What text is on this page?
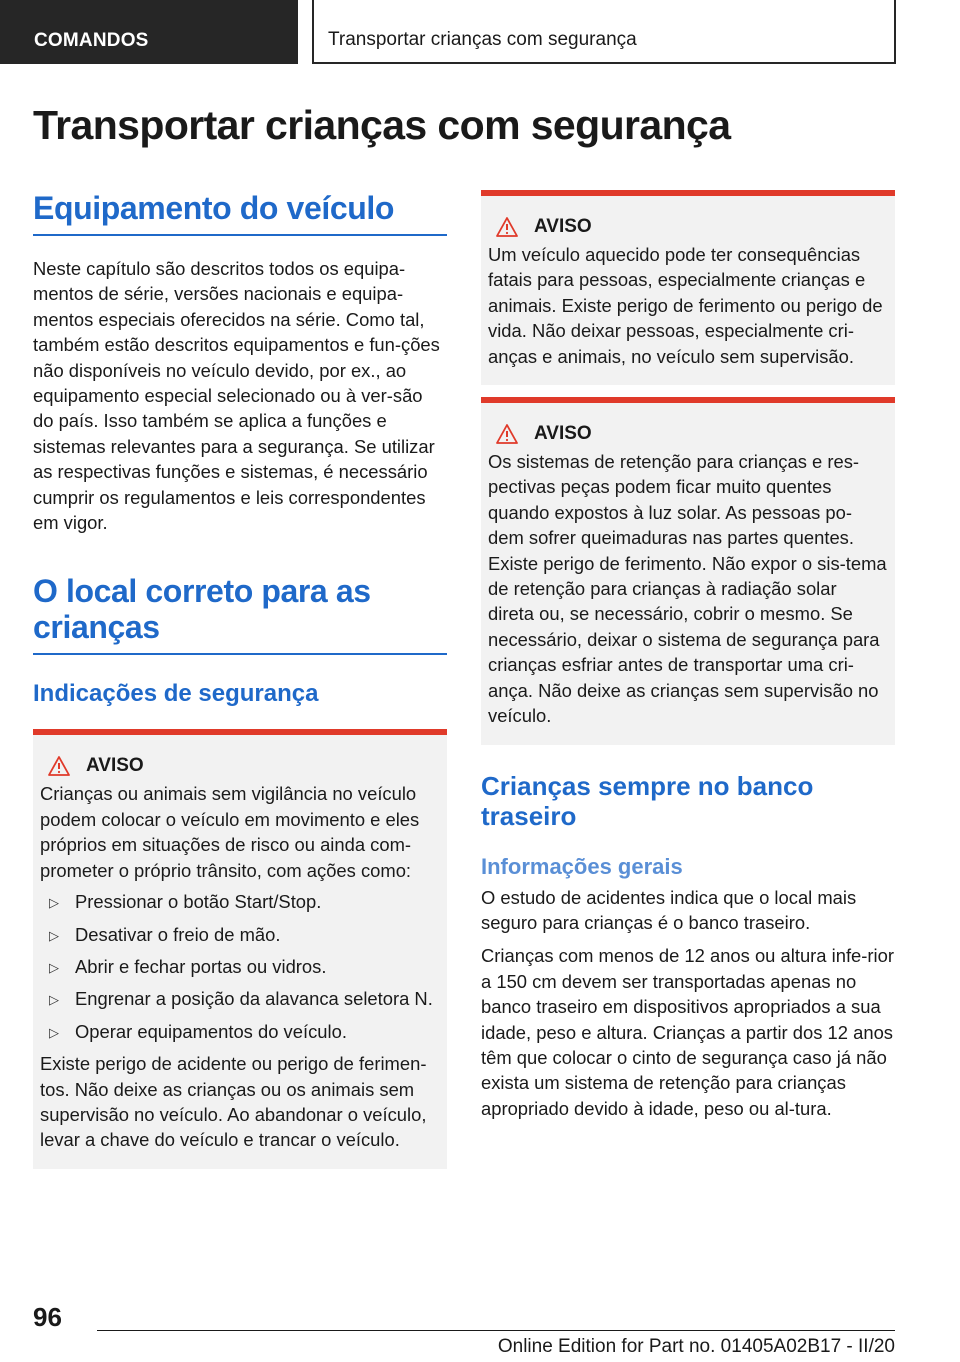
COMANDOS	Transportar crianças com segurança
Transportar crianças com segurança
Equipamento do veículo

Neste capítulo são descritos todos os equipa-mentos de série, versões nacionais e equipa-mentos especiais oferecidos na série. Como tal, também estão descritos equipamentos e fun-ções não disponíveis no veículo devido, por ex., ao equipamento especial selecionado ou à ver-são do país. Isso também se aplica a funções e sistemas relevantes para a segurança. Se utilizar as respectivas funções e sistemas, é necessário cumprir os regulamentos e leis correspondentes em vigor.

O local correto para as crianças
Indicações de segurança
AVISO

Crianças ou animais sem vigilância no veículo podem colocar o veículo em movimento e eles próprios em situações de risco ou ainda com-prometer o próprio trânsito, com ações como:

▷ Pressionar o botão Start/Stop.
▷ Desativar o freio de mão.
▷ Abrir e fechar portas ou vidros.
▷ Engrenar a posição da alavanca seletora N.
▷ Operar equipamentos do veículo.

Existe perigo de acidente ou perigo de ferimen-tos. Não deixe as crianças ou os animais sem supervisão no veículo. Ao abandonar o veículo, levar a chave do veículo e trancar o veículo.

AVISO

Um veículo aquecido pode ter consequências fatais para pessoas, especialmente crianças e animais. Existe perigo de ferimento ou perigo de vida. Não deixar pessoas, especialmente cri-anças e animais, no veículo sem supervisão.

AVISO

Os sistemas de retenção para crianças e res-pectivas peças podem ficar muito quentes quando expostos à luz solar. As pessoas po-dem sofrer queimaduras nas partes quentes. Existe perigo de ferimento. Não expor o sis-tema de retenção para crianças à radiação solar direta ou, se necessário, cobrir o mesmo. Se necessário, deixar o sistema de segurança para crianças esfriar antes de transportar uma cri-ança. Não deixe as crianças sem supervisão no veículo.

Crianças sempre no banco traseiro
Informações gerais

O estudo de acidentes indica que o local mais seguro para crianças é o banco traseiro.

Crianças com menos de 12 anos ou altura infe-rior a 150 cm devem ser transportadas apenas no banco traseiro em dispositivos apropriados a sua idade, peso e altura. Crianças a partir dos 12 anos têm que colocar o cinto de segurança caso já não exista um sistema de retenção para crianças apropriado devido à idade, peso ou al-tura.

96
Online Edition for Part no. 01405A02B17 - II/20
